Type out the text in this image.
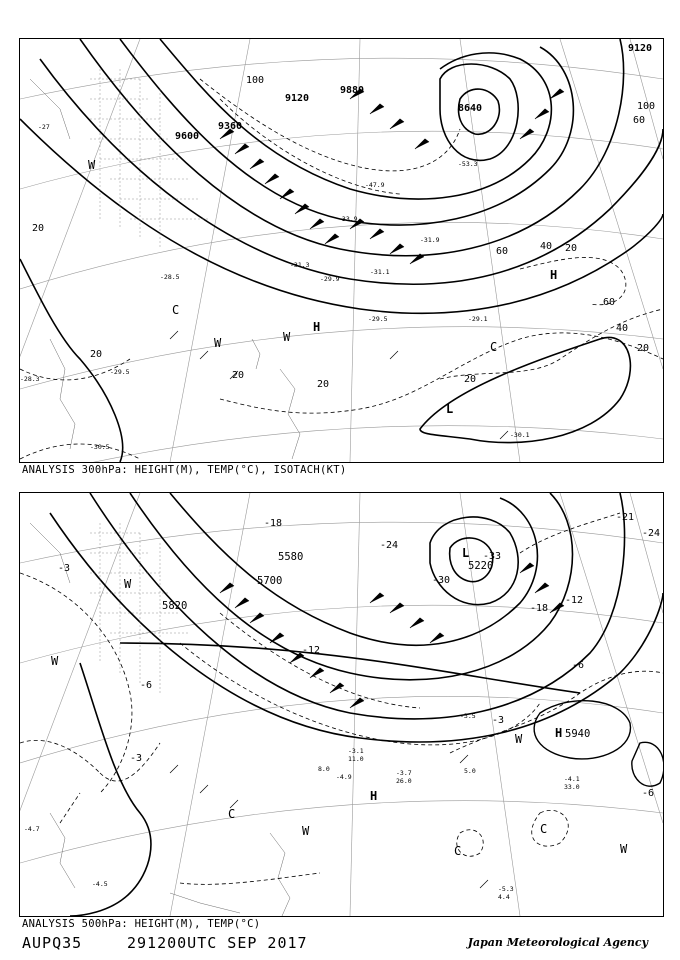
9120
9360
9600
9880
8640
9120
20
100
60	40 20
60
40
20
20
20
20	20
100
60
H
H
L
C
C
W
W	W
-27
-28.5	-29.9
-31.3
-33.9
-29.5
-30.1
-28.3
-29.5
-30.5
-53.3
-47.9
-31.9
-31.1
-29.1
ANALYSIS 300hPa: HEIGHT(M), TEMP(°C), ISOTACH(KT)
5580
5700
5820
5220
5940
-3
-6
-12
-18
-24
-30
-33
-18
-12
-6
-3
-3
-6
-21
-24
L
H
H
C
C
C
W
W
W
W
W
-3.1
-3.7
-4.9
-4.5
-5.3
-4.7
-3.5
-4.1
33.0
26.0
11.0
8.0
4.4
5.0
ANALYSIS 500hPa: HEIGHT(M), TEMP(°C)
AUPQ35	291200UTC SEP 2017	Japan Meteorological Agency
